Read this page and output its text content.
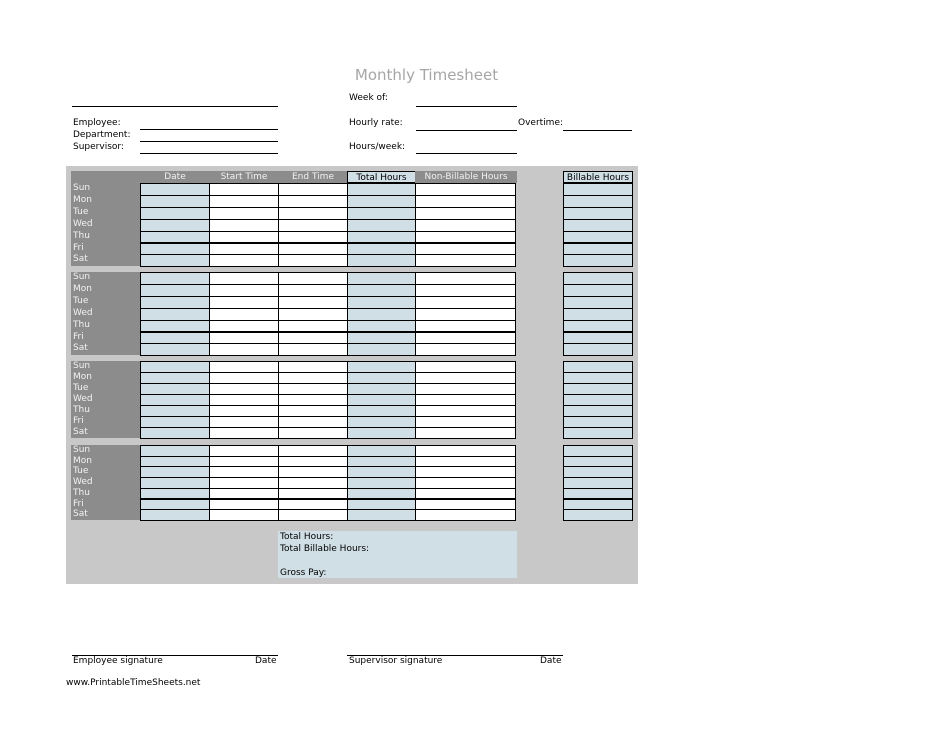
Monthly Timesheet
Week of:
Employee:
Department:
Supervisor:
Hourly rate:	Overtime:
Hours/week:
Date	Start Time	End Time	Total Hours	Non-Billable Hours	Billable Hours
Sun
Mon
Tue
Wed
Thu
Fri
Sat
Sun
Mon
Tue
Wed
Thu
Fri
Sat
Sun
Mon
Tue
Wed
Thu
Fri
Sat
Sun
Mon
Tue
Wed
Thu
Fri
Sat
Total Hours:
Total Billable Hours:
Gross Pay:
Employee signature	Date	Supervisor signature	Date
www.PrintableTimeSheets.net
